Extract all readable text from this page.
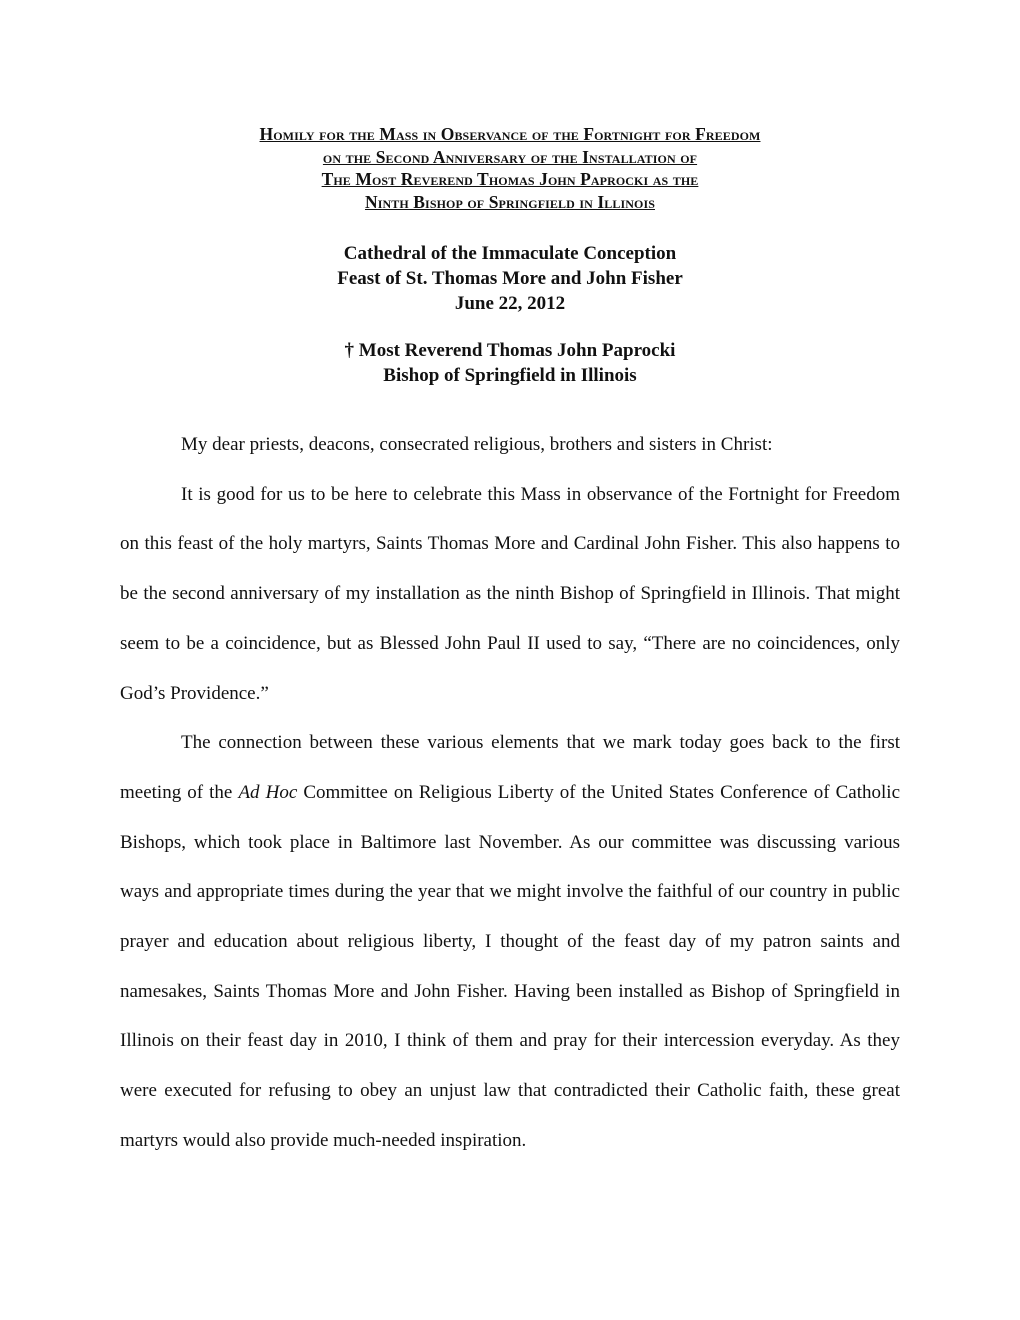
Homily for the Mass in Observance of the Fortnight for Freedom
on the Second Anniversary of the Installation of
The Most Reverend Thomas John Paprocki as the
Ninth Bishop of Springfield in Illinois
Cathedral of the Immaculate Conception
Feast of St. Thomas More and John Fisher
June 22, 2012
† Most Reverend Thomas John Paprocki
Bishop of Springfield in Illinois

My dear priests, deacons, consecrated religious, brothers and sisters in Christ:

It is good for us to be here to celebrate this Mass in observance of the Fortnight for Freedom on this feast of the holy martyrs, Saints Thomas More and Cardinal John Fisher. This also happens to be the second anniversary of my installation as the ninth Bishop of Springfield in Illinois. That might seem to be a coincidence, but as Blessed John Paul II used to say, “There are no coincidences, only God’s Providence.”

The connection between these various elements that we mark today goes back to the first meeting of the Ad Hoc Committee on Religious Liberty of the United States Conference of Catholic Bishops, which took place in Baltimore last November. As our committee was discussing various ways and appropriate times during the year that we might involve the faithful of our country in public prayer and education about religious liberty, I thought of the feast day of my patron saints and namesakes, Saints Thomas More and John Fisher. Having been installed as Bishop of Springfield in Illinois on their feast day in 2010, I think of them and pray for their intercession everyday. As they were executed for refusing to obey an unjust law that contradicted their Catholic faith, these great martyrs would also provide much-needed inspiration.
